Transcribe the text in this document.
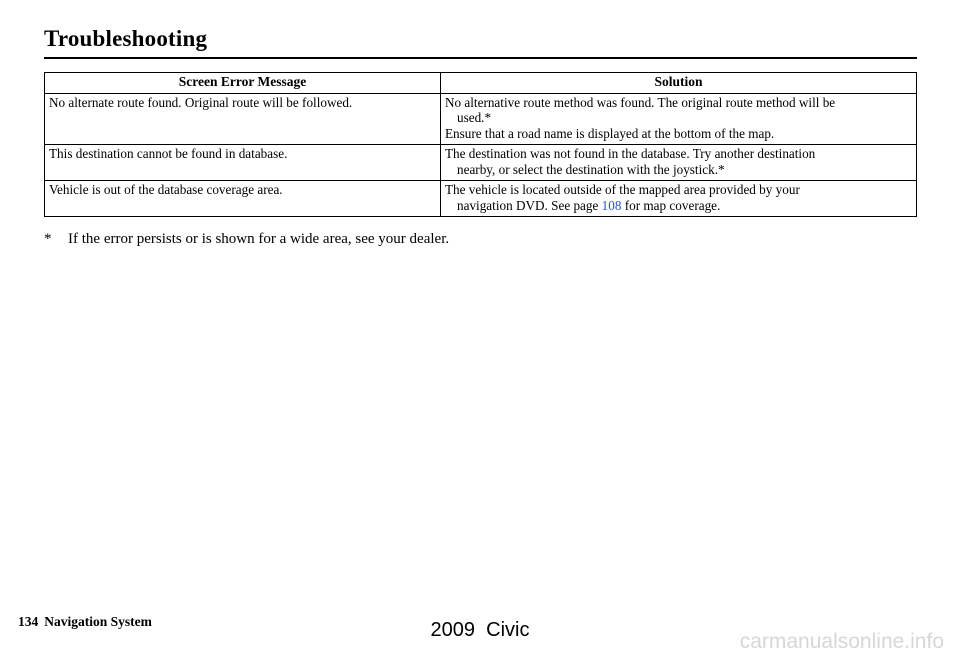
Troubleshooting
Screen Error Message	Solution
No alternate route found. Original route will be followed.	No alternative route method was found. The original route method will be
used.*
Ensure that a road name is displayed at the bottom of the map.

This destination cannot be found in database.	The destination was not found in the database. Try another destination
nearby, or select the destination with the joystick.*

Vehicle is out of the database coverage area.	The vehicle is located outside of the mapped area provided by your
navigation DVD. See page 108 for map coverage.
* If the error persists or is shown for a wide area, see your dealer.
134 Navigation System	2009  Civic	carmanualsonline.info
